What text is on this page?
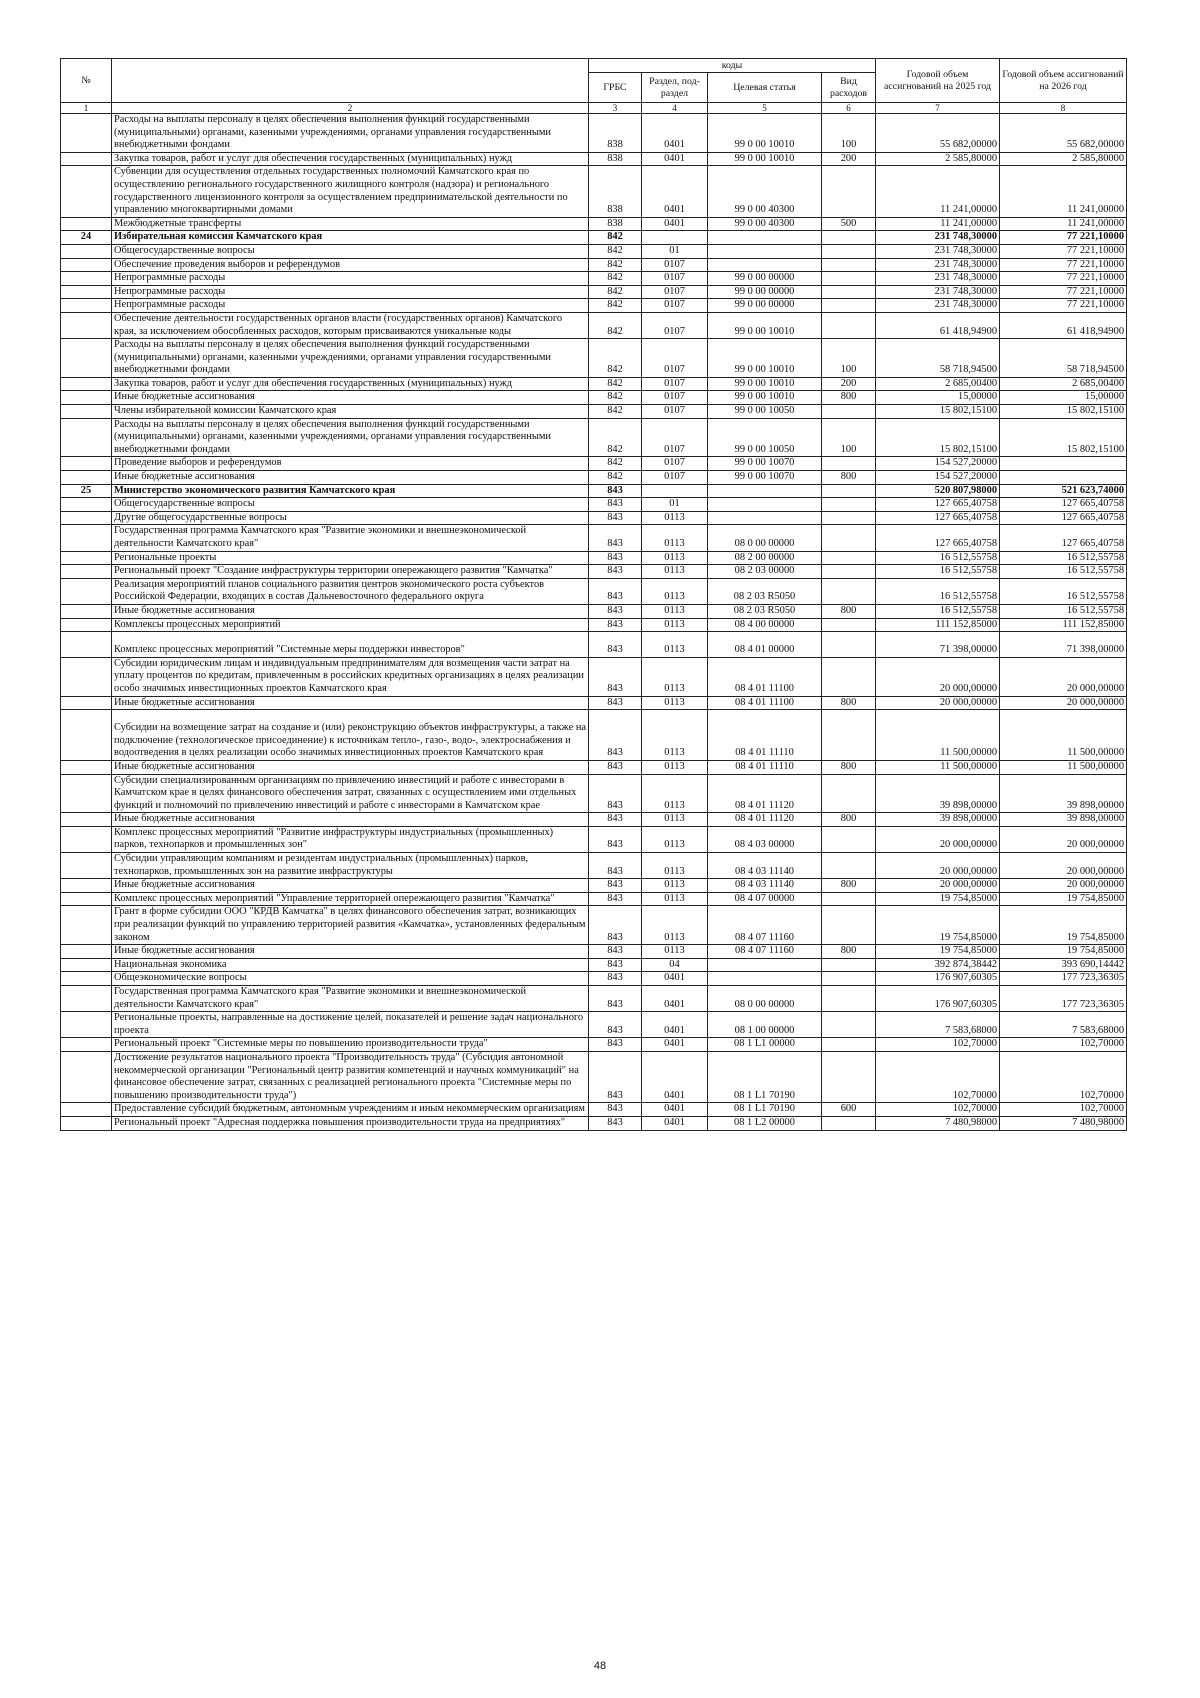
№		коды				Годовой объем ассигнований на 2025 год	Годовой объем ассигнований на 2026 год
		ГРБС	Раздел, под-раздел	Целевая статья	Вид расходов		
1	2	3	4	5	6	7	8
	Расходы на выплаты персоналу в целях обеспечения выполнения функций государственными (муниципальными) органами, казенными учреждениями, органами управления государственными внебюджетными фондами	838	0401	99 0 00 10010	100	55 682,00000	55 682,00000
	Закупка товаров, работ и услуг для обеспечения государственных (муниципальных) нужд	838	0401	99 0 00 10010	200	2 585,80000	2 585,80000
	Субвенции для осуществления отдельных государственных полномочий Камчатского края по осуществлению регионального государственного жилищного контроля (надзора) и регионального государственного лицензионного контроля за осуществлением предпринимательской деятельности по управлению многоквартирными домами	838	0401	99 0 00 40300		11 241,00000	11 241,00000
	Межбюджетные трансферты	838	0401	99 0 00 40300	500	11 241,00000	11 241,00000
24	Избирательная комиссия Камчатского края	842				231 748,30000	77 221,10000
	Общегосударственные вопросы	842	01			231 748,30000	77 221,10000
	Обеспечение проведения выборов и референдумов	842	0107			231 748,30000	77 221,10000
	Непрограммные расходы	842	0107	99 0 00 00000		231 748,30000	77 221,10000
	Непрограммные расходы	842	0107	99 0 00 00000		231 748,30000	77 221,10000
	Непрограммные расходы	842	0107	99 0 00 00000		231 748,30000	77 221,10000
	Обеспечение деятельности государственных органов власти (государственных органов) Камчатского края, за исключением обособленных расходов, которым присваиваются уникальные коды	842	0107	99 0 00 10010		61 418,94900	61 418,94900
	Расходы на выплаты персоналу в целях обеспечения выполнения функций государственными (муниципальными) органами, казенными учреждениями, органами управления государственными внебюджетными фондами	842	0107	99 0 00 10010	100	58 718,94500	58 718,94500
	Закупка товаров, работ и услуг для обеспечения государственных (муниципальных) нужд	842	0107	99 0 00 10010	200	2 685,00400	2 685,00400
	Иные бюджетные ассигнования	842	0107	99 0 00 10010	800	15,00000	15,00000
	Члены избирательной комиссии Камчатского края	842	0107	99 0 00 10050		15 802,15100	15 802,15100
	Расходы на выплаты персоналу в целях обеспечения выполнения функций государственными (муниципальными) органами, казенными учреждениями, органами управления государственными внебюджетными фондами	842	0107	99 0 00 10050	100	15 802,15100	15 802,15100
	Проведение выборов и референдумов	842	0107	99 0 00 10070		154 527,20000	
	Иные бюджетные ассигнования	842	0107	99 0 00 10070	800	154 527,20000	
25	Министерство экономического развития Камчатского края	843				520 807,98000	521 623,74000
	Общегосударственные вопросы	843	01			127 665,40758	127 665,40758
	Другие общегосударственные вопросы	843	0113			127 665,40758	127 665,40758
	Государственная программа Камчатского края "Развитие экономики и внешнеэкономической деятельности Камчатского края"	843	0113	08 0 00 00000		127 665,40758	127 665,40758
	Региональные проекты	843	0113	08 2 00 00000		16 512,55758	16 512,55758
	Региональный проект "Создание инфраструктуры территории опережающего развития "Камчатка"	843	0113	08 2 03 00000		16 512,55758	16 512,55758
	Реализация мероприятий планов социального развития центров экономического роста субъектов Российской Федерации, входящих в состав Дальневосточного федерального округа	843	0113	08 2 03 R5050		16 512,55758	16 512,55758
	Иные бюджетные ассигнования	843	0113	08 2 03 R5050	800	16 512,55758	16 512,55758
	Комплексы процессных мероприятий	843	0113	08 4 00 00000		111 152,85000	111 152,85000
	Комплекс процессных мероприятий "Системные меры поддержки инвесторов"	843	0113	08 4 01 00000		71 398,00000	71 398,00000
	Субсидии юридическим лицам и индивидуальным предпринимателям для возмещения части затрат на уплату процентов по кредитам, привлеченным в российских кредитных организациях в целях реализации особо значимых инвестиционных проектов Камчатского края	843	0113	08 4 01 11100		20 000,00000	20 000,00000
	Иные бюджетные ассигнования	843	0113	08 4 01 11100	800	20 000,00000	20 000,00000
	Субсидии на возмещение затрат на создание и (или) реконструкцию объектов инфраструктуры, а также на подключение (технологическое присоединение) к источникам тепло-, газо-, водо-, электроснабжения и водоотведения в целях реализации особо значимых инвестиционных проектов Камчатского края	843	0113	08 4 01 11110		11 500,00000	11 500,00000
	Иные бюджетные ассигнования	843	0113	08 4 01 11110	800	11 500,00000	11 500,00000
	Субсидии специализированным организациям по привлечению инвестиций и работе с инвесторами в Камчатском крае в целях финансового обеспечения затрат, связанных с осуществлением ими отдельных функций и полномочий по привлечению инвестиций и работе с инвесторами в Камчатском крае	843	0113	08 4 01 11120		39 898,00000	39 898,00000
	Иные бюджетные ассигнования	843	0113	08 4 01 11120	800	39 898,00000	39 898,00000
	Комплекс процессных мероприятий "Развитие инфраструктуры индустриальных (промышленных) парков, технопарков и промышленных зон"	843	0113	08 4 03 00000		20 000,00000	20 000,00000
	Субсидии управляющим компаниям и резидентам индустриальных (промышленных) парков, технопарков, промышленных зон на развитие инфраструктуры	843	0113	08 4 03 11140		20 000,00000	20 000,00000
	Иные бюджетные ассигнования	843	0113	08 4 03 11140	800	20 000,00000	20 000,00000
	Комплекс процессных мероприятий "Управление территорией опережающего развития "Камчатка"	843	0113	08 4 07 00000		19 754,85000	19 754,85000
	Грант в форме субсидии ООО "КРДВ Камчатка" в целях финансового обеспечения затрат, возникающих при реализации функций по управлению территорией развития «Камчатка», установленных федеральным законом	843	0113	08 4 07 11160		19 754,85000	19 754,85000
	Иные бюджетные ассигнования	843	0113	08 4 07 11160	800	19 754,85000	19 754,85000
	Национальная экономика	843	04			392 874,38442	393 690,14442
	Общеэкономические вопросы	843	0401			176 907,60305	177 723,36305
	Государственная программа Камчатского края "Развитие экономики и внешнеэкономической деятельности Камчатского края"	843	0401	08 0 00 00000		176 907,60305	177 723,36305
	Региональные проекты, направленные на достижение целей, показателей и решение задач национального проекта	843	0401	08 1 00 00000		7 583,68000	7 583,68000
	Региональный проект "Системные меры по повышению производительности труда"	843	0401	08 1 L1 00000		102,70000	102,70000
	Достижение результатов национального проекта "Производительность труда" (Субсидия автономной некоммерческой организации "Региональный центр развития компетенций и научных коммуникаций" на финансовое обеспечение затрат, связанных с реализацией регионального проекта "Системные меры по повышению производительности труда")	843	0401	08 1 L1 70190		102,70000	102,70000
	Предоставление субсидий бюджетным, автономным учреждениям и иным некоммерческим организациям	843	0401	08 1 L1 70190	600	102,70000	102,70000
	Региональный проект "Адресная поддержка повышения производительности труда на предприятиях"	843	0401	08 1 L2 00000		7 480,98000	7 480,98000
48
